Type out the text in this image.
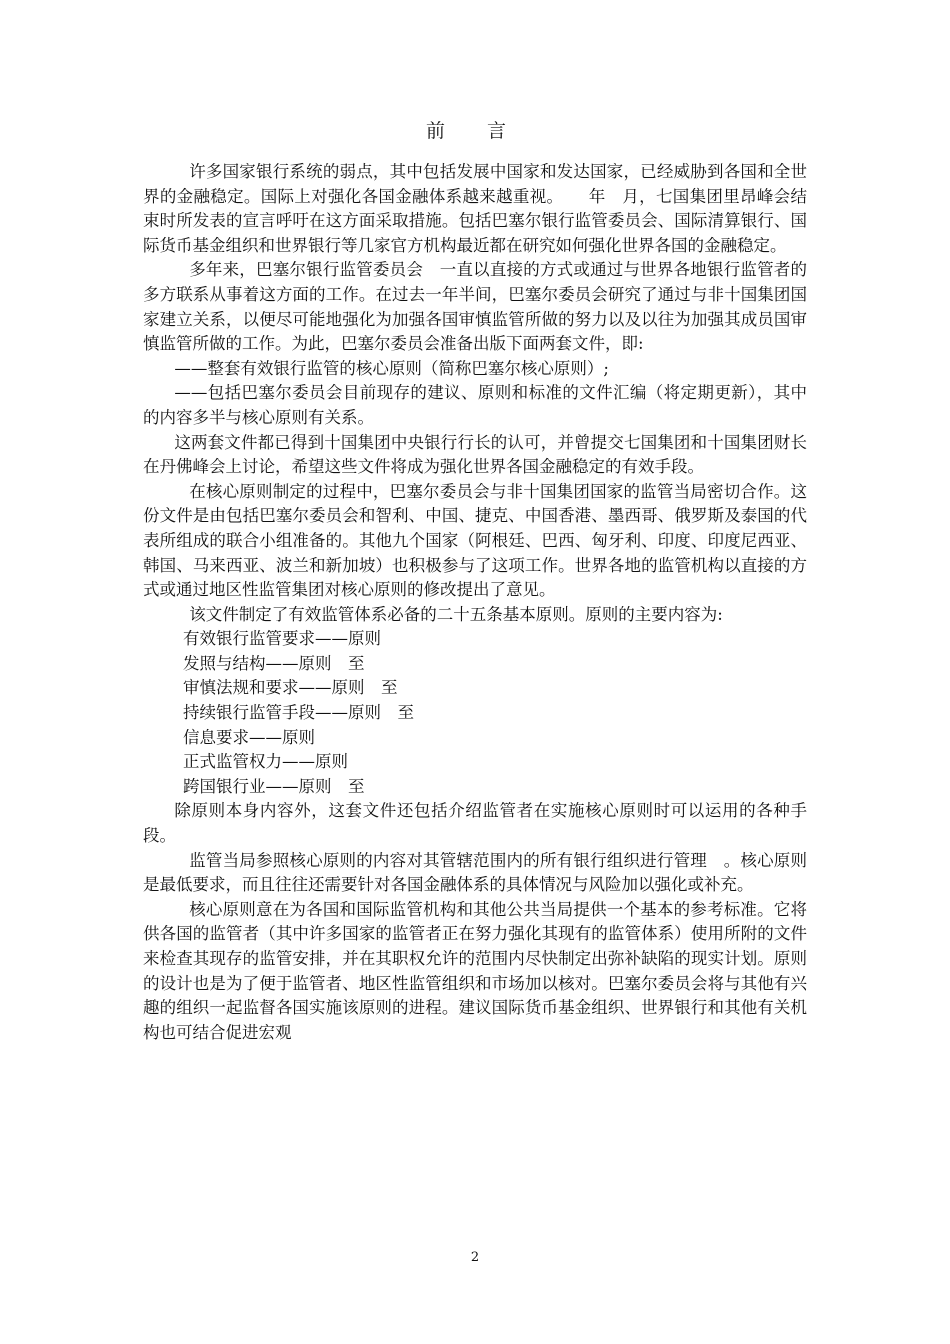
前 言

许多国家银行系统的弱点，其中包括发展中国家和发达国家，已经威胁到各国和全世界的金融稳定。国际上对强化各国金融体系越来越重视。　　年　月，七国集团里昂峰会结束时所发表的宣言呼吁在这方面采取措施。包括巴塞尔银行监管委员会、国际清算银行、国际货币基金组织和世界银行等几家官方机构最近都在研究如何强化世界各国的金融稳定。

多年来，巴塞尔银行监管委员会　一直以直接的方式或通过与世界各地银行监管者的多方联系从事着这方面的工作。在过去一年半间，巴塞尔委员会研究了通过与非十国集团国家建立关系，以便尽可能地强化为加强各国审慎监管所做的努力以及以往为加强其成员国审慎监管所做的工作。为此，巴塞尔委员会准备出版下面两套文件，即:

——整套有效银行监管的核心原则（简称巴塞尔核心原则）;

——包括巴塞尔委员会目前现存的建议、原则和标准的文件汇编（将定期更新），其中的内容多半与核心原则有关系。

这两套文件都已得到十国集团中央银行行长的认可，并曾提交七国集团和十国集团财长在丹佛峰会上讨论，希望这些文件将成为强化世界各国金融稳定的有效手段。

在核心原则制定的过程中，巴塞尔委员会与非十国集团国家的监管当局密切合作。这份文件是由包括巴塞尔委员会和智利、中国、捷克、中国香港、墨西哥、俄罗斯及泰国的代表所组成的联合小组准备的。其他九个国家（阿根廷、巴西、匈牙利、印度、印度尼西亚、韩国、马来西亚、波兰和新加坡）也积极参与了这项工作。世界各地的监管机构以直接的方式或通过地区性监管集团对核心原则的修改提出了意见。

该文件制定了有效监管体系必备的二十五条基本原则。原则的主要内容为:

有效银行监管要求——原则

发照与结构——原则　至

审慎法规和要求——原则　至

持续银行监管手段——原则　至

信息要求——原则

正式监管权力——原则

跨国银行业——原则　至

除原则本身内容外，这套文件还包括介绍监管者在实施核心原则时可以运用的各种手段。

监管当局参照核心原则的内容对其管辖范围内的所有银行组织进行管理　。核心原则是最低要求，而且往往还需要针对各国金融体系的具体情况与风险加以强化或补充。

核心原则意在为各国和国际监管机构和其他公共当局提供一个基本的参考标准。它将供各国的监管者（其中许多国家的监管者正在努力强化其现有的监管体系）使用所附的文件来检查其现存的监管安排，并在其职权允许的范围内尽快制定出弥补缺陷的现实计划。原则的设计也是为了便于监管者、地区性监管组织和市场加以核对。巴塞尔委员会将与其他有兴趣的组织一起监督各国实施该原则的进程。建议国际货币基金组织、世界银行和其他有关机构也可结合促进宏观

2
